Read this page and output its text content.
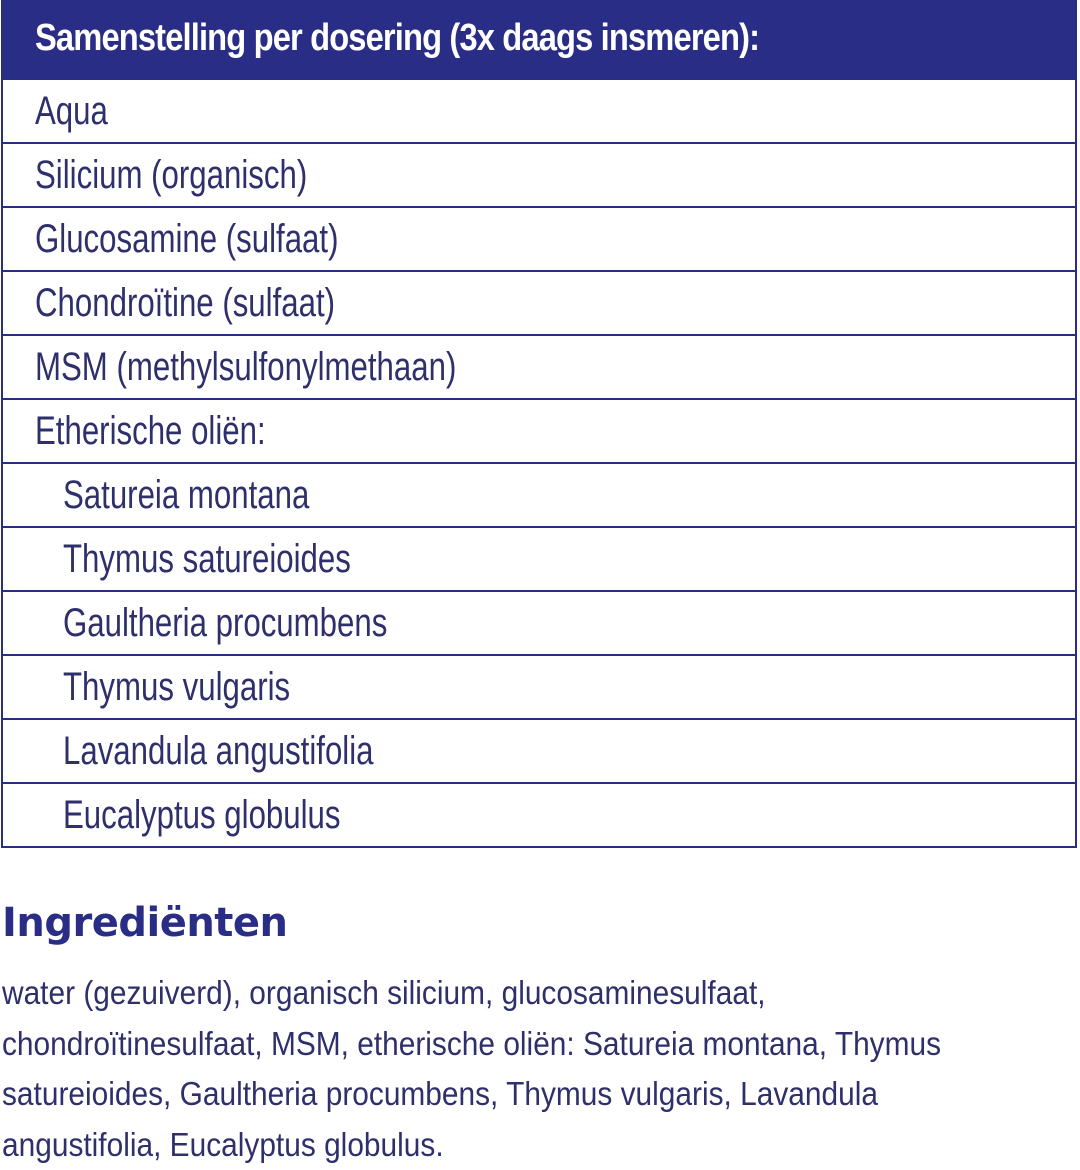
Samenstelling per dosering (3x daags insmeren):
Aqua
Silicium (organisch)
Glucosamine (sulfaat)
Chondroïtine (sulfaat)
MSM (methylsulfonylmethaan)
Etherische oliën:
Satureia montana
Thymus satureioides
Gaultheria procumbens
Thymus vulgaris
Lavandula angustifolia
Eucalyptus globulus
Ingrediënten

water (gezuiverd), organisch silicium, glucosaminesulfaat,
chondroïtinesulfaat, MSM, etherische oliën: Satureia montana, Thymus
satureioides, Gaultheria procumbens, Thymus vulgaris, Lavandula
angustifolia, Eucalyptus globulus.
